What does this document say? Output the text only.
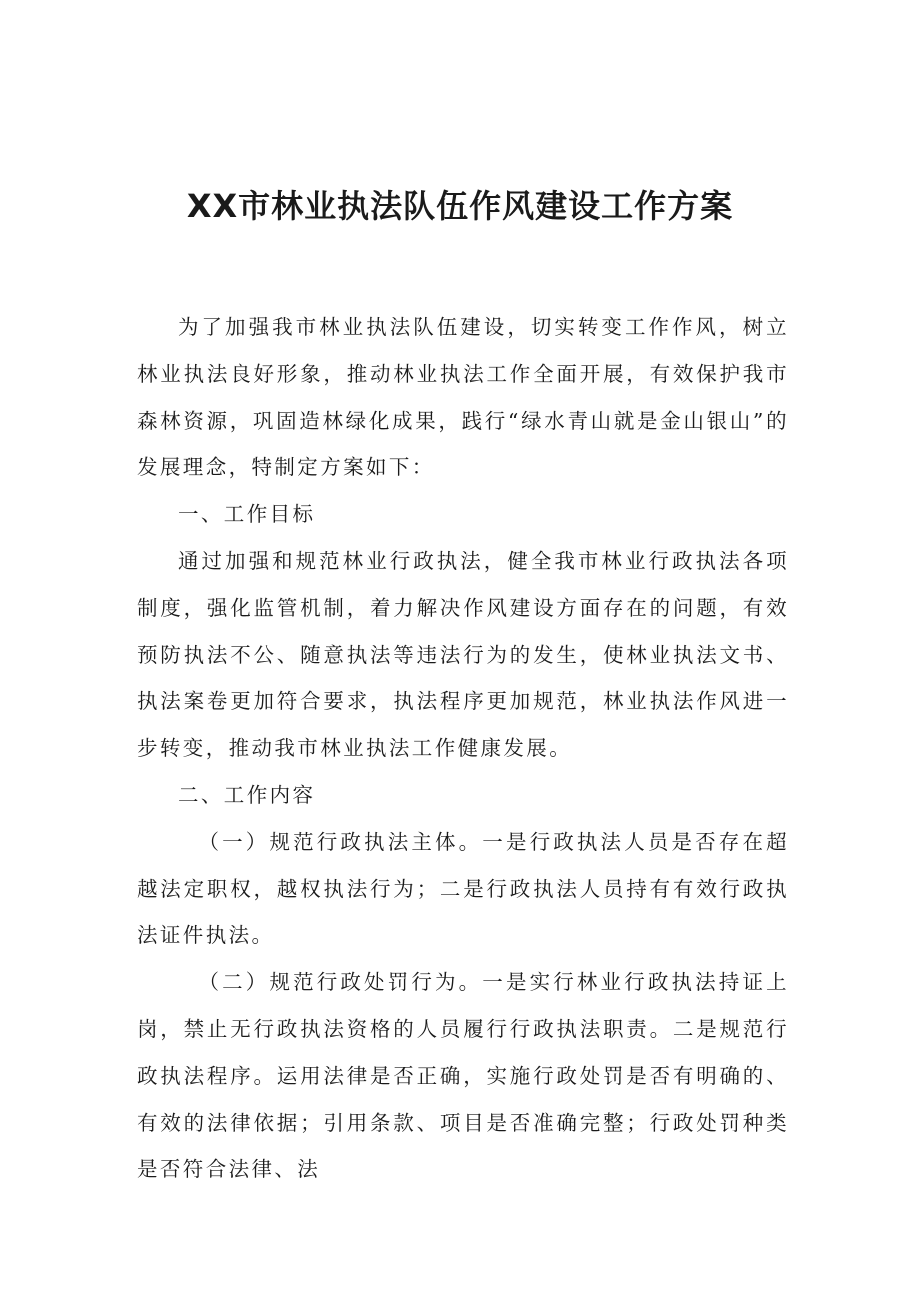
XX市林业执法队伍作风建设工作方案

为了加强我市林业执法队伍建设，切实转变工作作风，树立林业执法良好形象，推动林业执法工作全面开展，有效保护我市森林资源，巩固造林绿化成果，践行“绿水青山就是金山银山”的发展理念，特制定方案如下：

一、工作目标

通过加强和规范林业行政执法，健全我市林业行政执法各项制度，强化监管机制，着力解决作风建设方面存在的问题，有效预防执法不公、随意执法等违法行为的发生，使林业执法文书、执法案卷更加符合要求，执法程序更加规范，林业执法作风进一步转变，推动我市林业执法工作健康发展。

二、工作内容

（一）规范行政执法主体。一是行政执法人员是否存在超越法定职权，越权执法行为；二是行政执法人员持有有效行政执法证件执法。

（二）规范行政处罚行为。一是实行林业行政执法持证上岗，禁止无行政执法资格的人员履行行政执法职责。二是规范行政执法程序。运用法律是否正确，实施行政处罚是否有明确的、有效的法律依据；引用条款、项目是否准确完整；行政处罚种类是否符合法律、法
